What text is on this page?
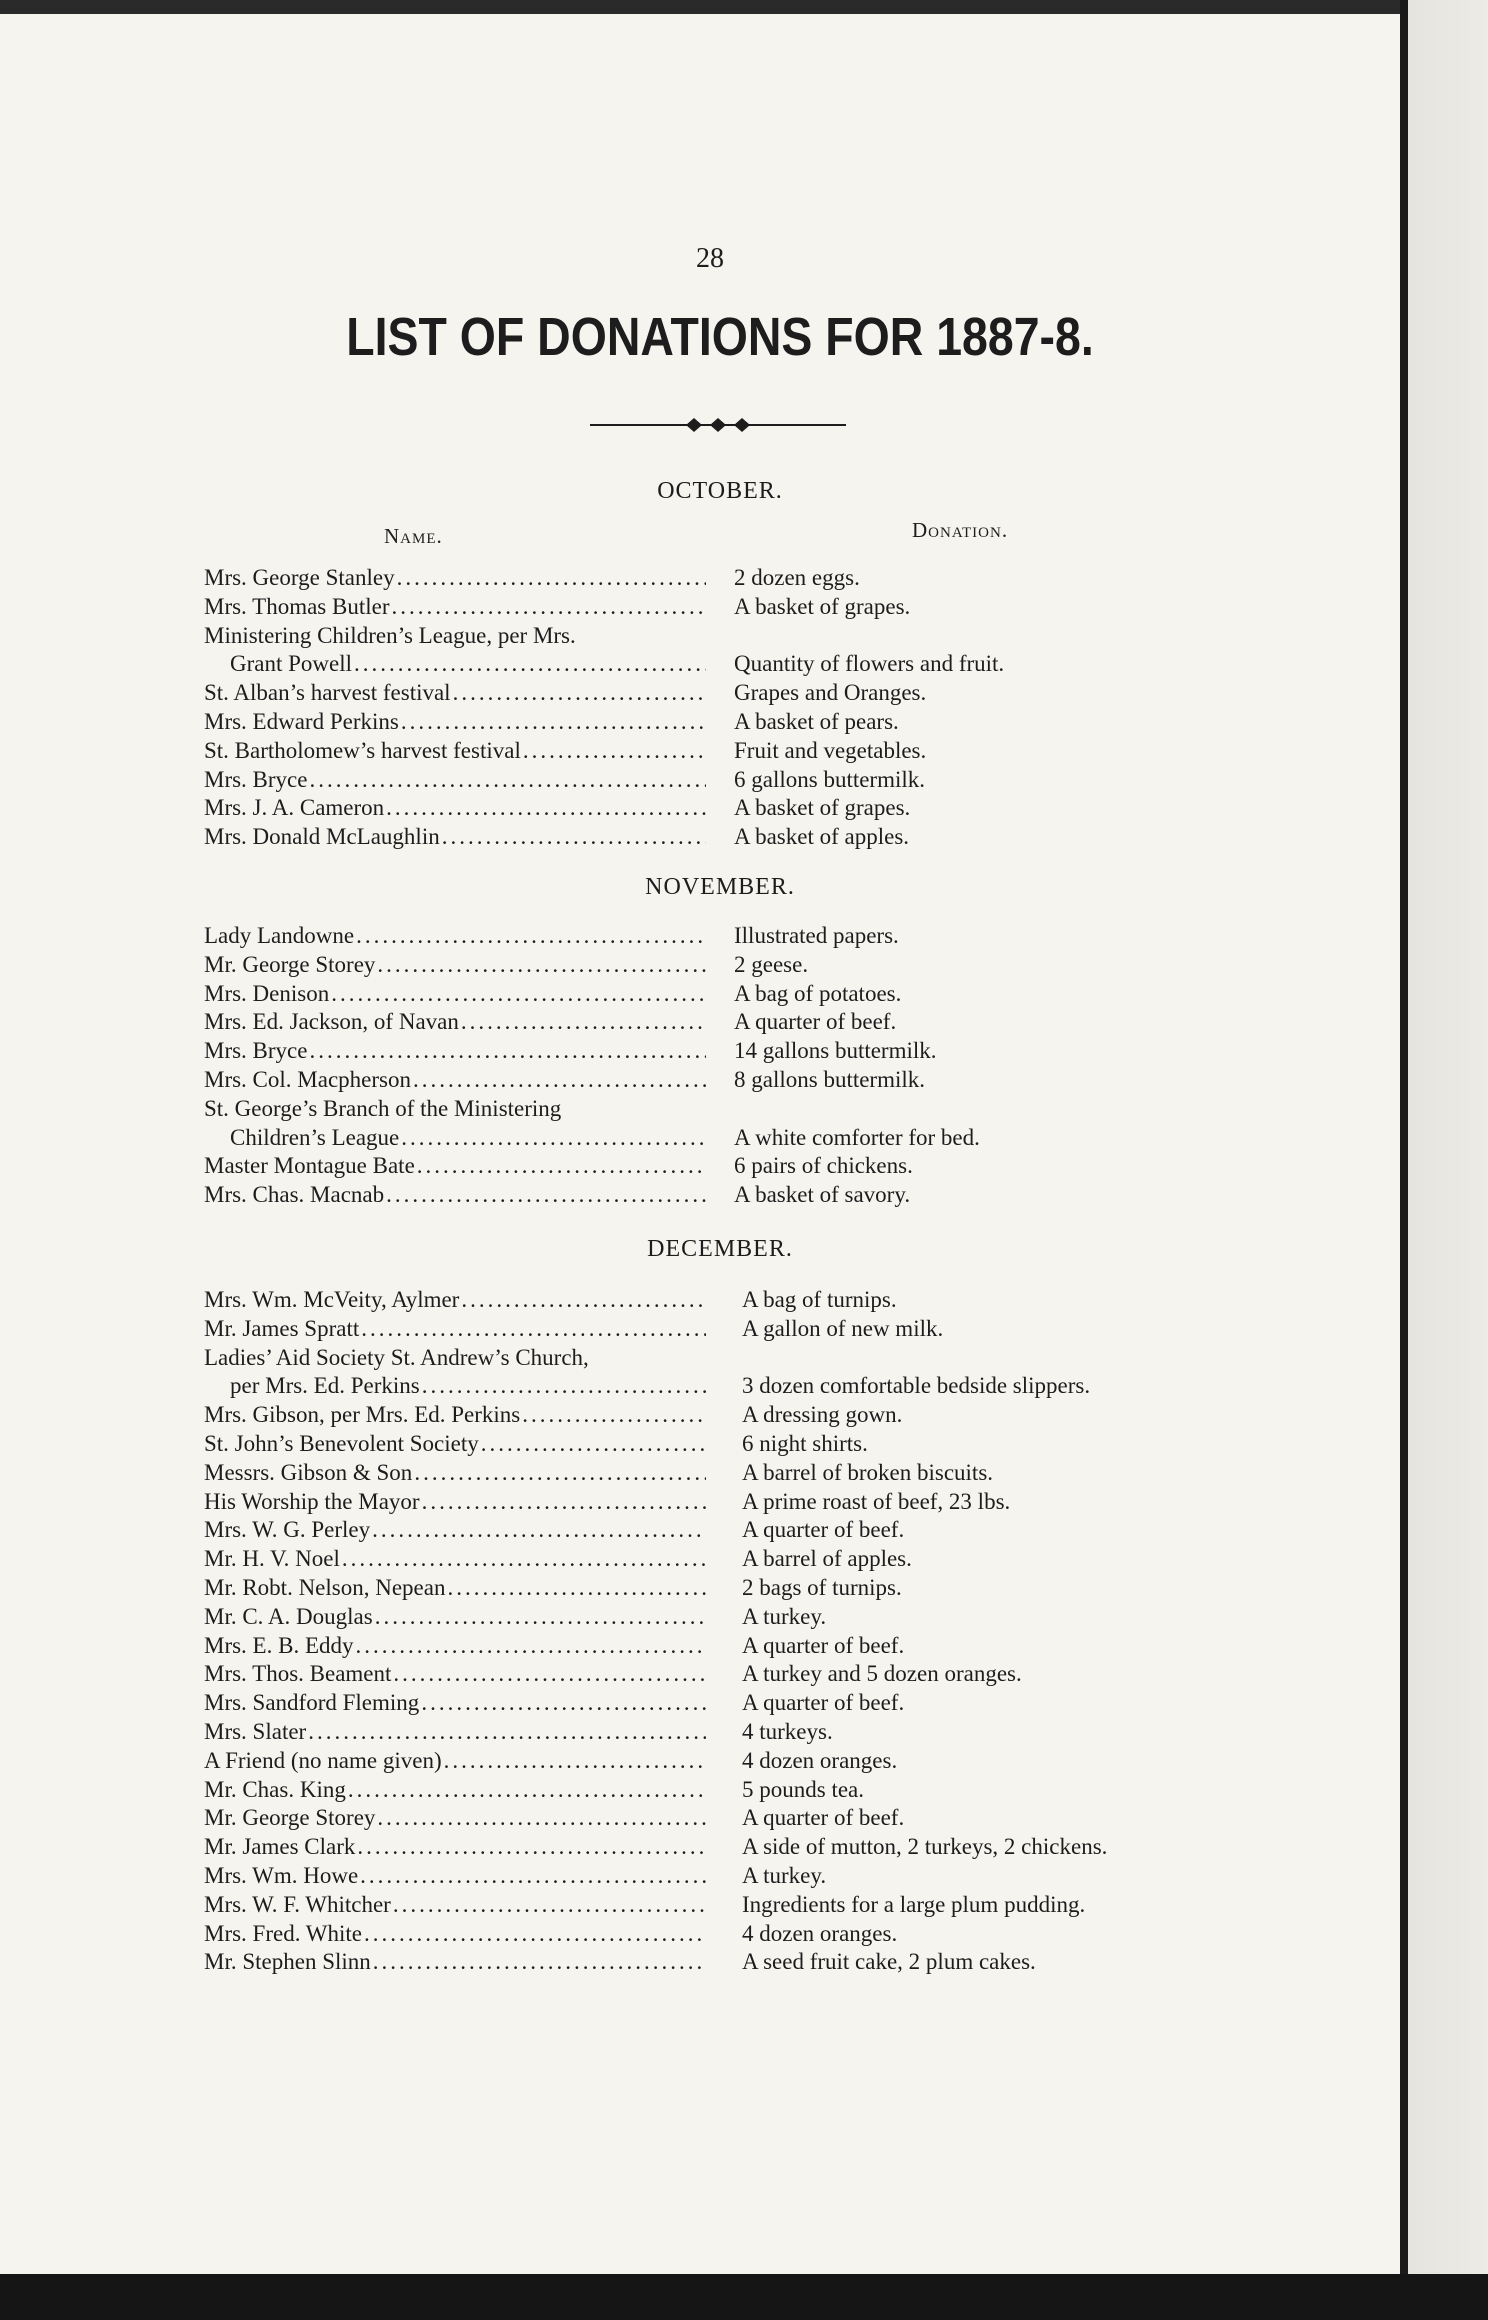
28
LIST OF DONATIONS FOR 1887-8.
Name.	Donation.
OCTOBER.
Mrs. George Stanley .....	2 dozen eggs.
Mrs. Thomas Butler .....	A basket of grapes.
Ministering Children’s League, per Mrs.
Grant Powell .....	Quantity of flowers and fruit.
St. Alban’s harvest festival .....	Grapes and Oranges.
Mrs. Edward Perkins .....	A basket of pears.
St. Bartholomew’s harvest festival .....	Fruit and vegetables.
Mrs. Bryce .....	6 gallons buttermilk.
Mrs. J. A. Cameron .....	A basket of grapes.
Mrs. Donald McLaughlin .....	A basket of apples.
NOVEMBER.
Lady Landowne .....	Illustrated papers.
Mr. George Storey .....	2 geese.
Mrs. Denison .....	A bag of potatoes.
Mrs. Ed. Jackson, of Navan .....	A quarter of beef.
Mrs. Bryce .....	14 gallons buttermilk.
Mrs. Col. Macpherson .....	8 gallons buttermilk.
St. George’s Branch of the Ministering
Children’s League .....	A white comforter for bed.
Master Montague Bate .....	6 pairs of chickens.
Mrs. Chas. Macnab .....	A basket of savory.
DECEMBER.
Mrs. Wm. McVeity, Aylmer .....	A bag of turnips.
Mr. James Spratt .....	A gallon of new milk.
Ladies’ Aid Society St. Andrew’s Church,
per Mrs. Ed. Perkins .....	3 dozen comfortable bedside slippers.
Mrs. Gibson, per Mrs. Ed. Perkins .....	A dressing gown.
St. John’s Benevolent Society .....	6 night shirts.
Messrs. Gibson & Son .....	A barrel of broken biscuits.
His Worship the Mayor .....	A prime roast of beef, 23 lbs.
Mrs. W. G. Perley .....	A quarter of beef.
Mr. H. V. Noel .....	A barrel of apples.
Mr. Robt. Nelson, Nepean .....	2 bags of turnips.
Mr. C. A. Douglas .....	A turkey.
Mrs. E. B. Eddy .....	A quarter of beef.
Mrs. Thos. Beament .....	A turkey and 5 dozen oranges.
Mrs. Sandford Fleming .....	A quarter of beef.
Mrs. Slater .....	4 turkeys.
A Friend (no name given) .....	4 dozen oranges.
Mr. Chas. King .....	5 pounds tea.
Mr. George Storey .....	A quarter of beef.
Mr. James Clark .....	A side of mutton, 2 turkeys, 2 chickens.
Mrs. Wm. Howe .....	A turkey.
Mrs. W. F. Whitcher .....	Ingredients for a large plum pudding.
Mrs. Fred. White .....	4 dozen oranges.
Mr. Stephen Slinn .....	A seed fruit cake, 2 plum cakes.
